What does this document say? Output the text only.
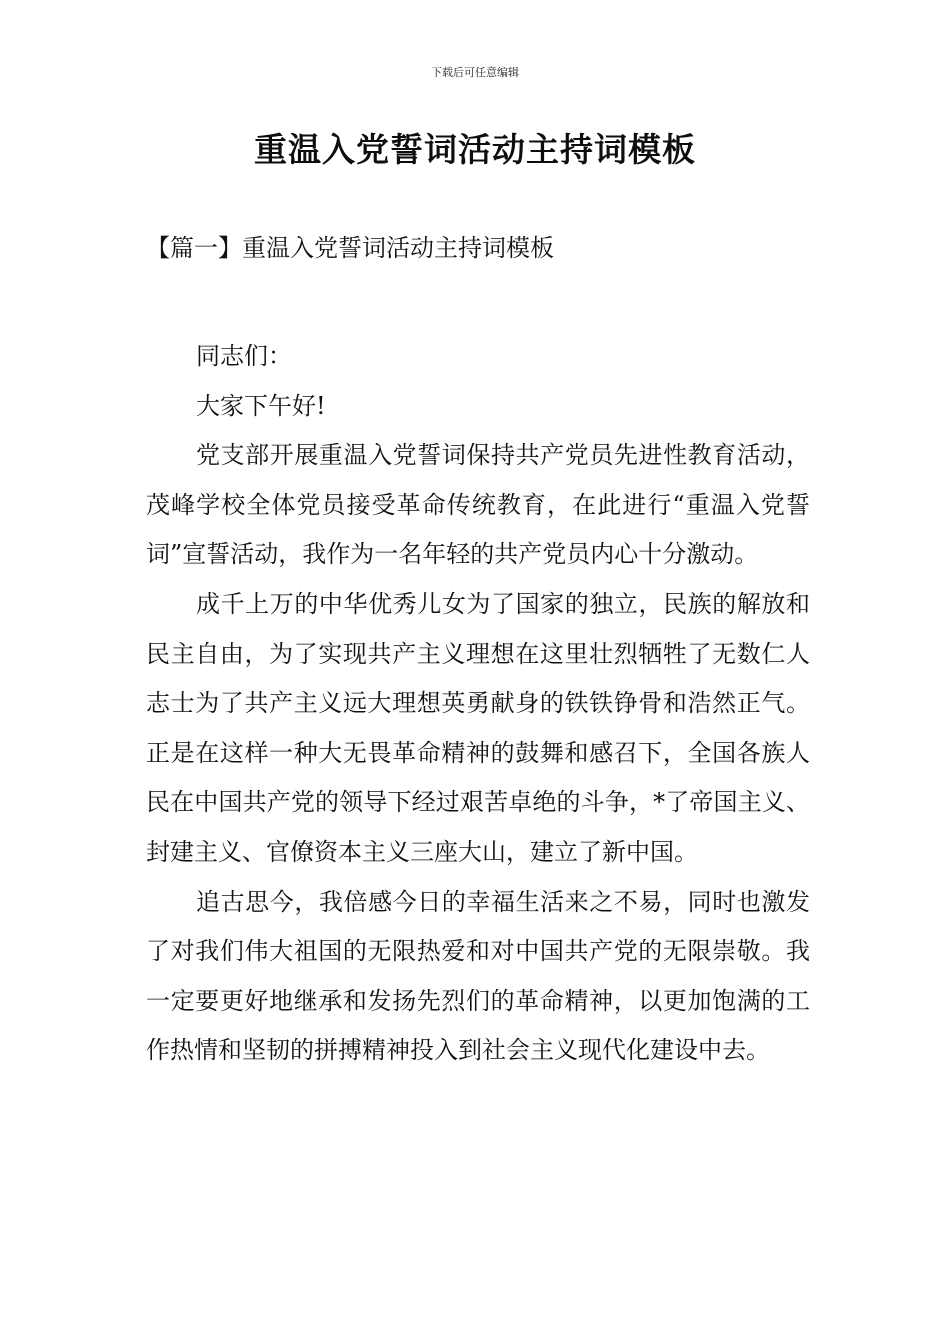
下载后可任意编辑
重温入党誓词活动主持词模板
【篇一】重温入党誓词活动主持词模板

同志们：

大家下午好!

党支部开展重温入党誓词保持共产党员先进性教育活动，茂峰学校全体党员接受革命传统教育，在此进行“重温入党誓词”宣誓活动，我作为一名年轻的共产党员内心十分激动。

成千上万的中华优秀儿女为了国家的独立，民族的解放和民主自由，为了实现共产主义理想在这里壮烈牺牲了无数仁人志士为了共产主义远大理想英勇献身的铁铁铮骨和浩然正气。正是在这样一种大无畏革命精神的鼓舞和感召下，全国各族人民在中国共产党的领导下经过艰苦卓绝的斗争，*了帝国主义、封建主义、官僚资本主义三座大山，建立了新中国。

追古思今，我倍感今日的幸福生活来之不易，同时也激发了对我们伟大祖国的无限热爱和对中国共产党的无限崇敬。我一定要更好地继承和发扬先烈们的革命精神，以更加饱满的工作热情和坚韧的拼搏精神投入到社会主义现代化建设中去。
